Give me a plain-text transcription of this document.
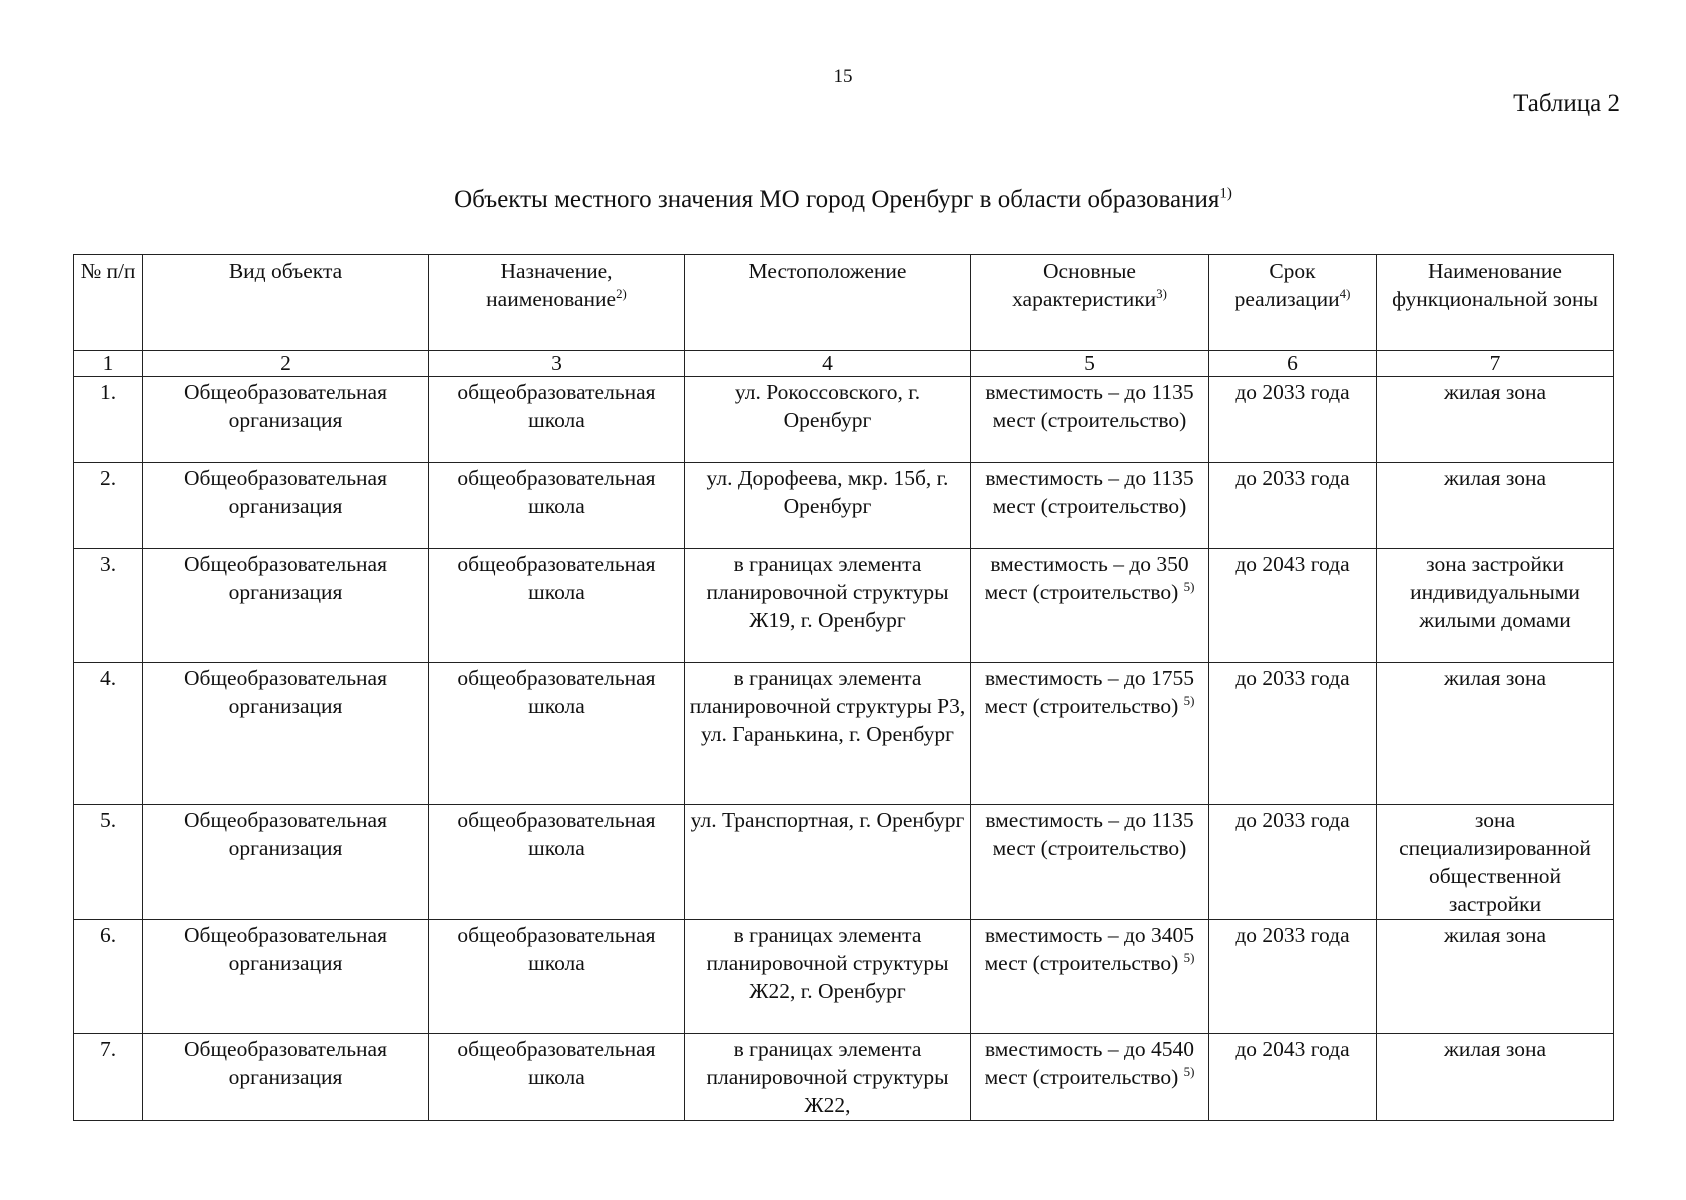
15
Таблица 2
Объекты местного значения МО город Оренбург в области образования$^{1)}$
№ п/п	Вид объекта	Назначение, наименование$^{2)}$	Местоположение	Основные характеристики$^{3)}$	Срок реализации$^{4)}$	Наименование функциональной зоны
1	2	3	4	5	6	7
1.	Общеобразовательная организация	общеобразовательная школа	ул. Рокоссовского, г. Оренбург	вместимость – до 1135 мест (строительство)	до 2033 года	жилая зона
2.	Общеобразовательная организация	общеобразовательная школа	ул. Дорофеева, мкр. 15б, г. Оренбург	вместимость – до 1135 мест (строительство)	до 2033 года	жилая зона
3.	Общеобразовательная организация	общеобразовательная школа	в границах элемента планировочной структуры Ж19, г. Оренбург	вместимость – до 350 мест (строительство) $^{5)}$	до 2043 года	зона застройки индивидуальными жилыми домами
4.	Общеобразовательная организация	общеобразовательная школа	в границах элемента планировочной структуры Р3, ул. Гаранькина, г. Оренбург	вместимость – до 1755 мест (строительство) $^{5)}$	до 2033 года	жилая зона
5.	Общеобразовательная организация	общеобразовательная школа	ул. Транспортная, г. Оренбург	вместимость – до 1135 мест (строительство)	до 2033 года	зона специализированной общественной застройки
6.	Общеобразовательная организация	общеобразовательная школа	в границах элемента планировочной структуры Ж22, г. Оренбург	вместимость – до 3405 мест (строительство) $^{5)}$	до 2033 года	жилая зона
7.	Общеобразовательная организация	общеобразовательная школа	в границах элемента планировочной структуры Ж22,	вместимость – до 4540 мест (строительство) $^{5)}$	до 2043 года	жилая зона
